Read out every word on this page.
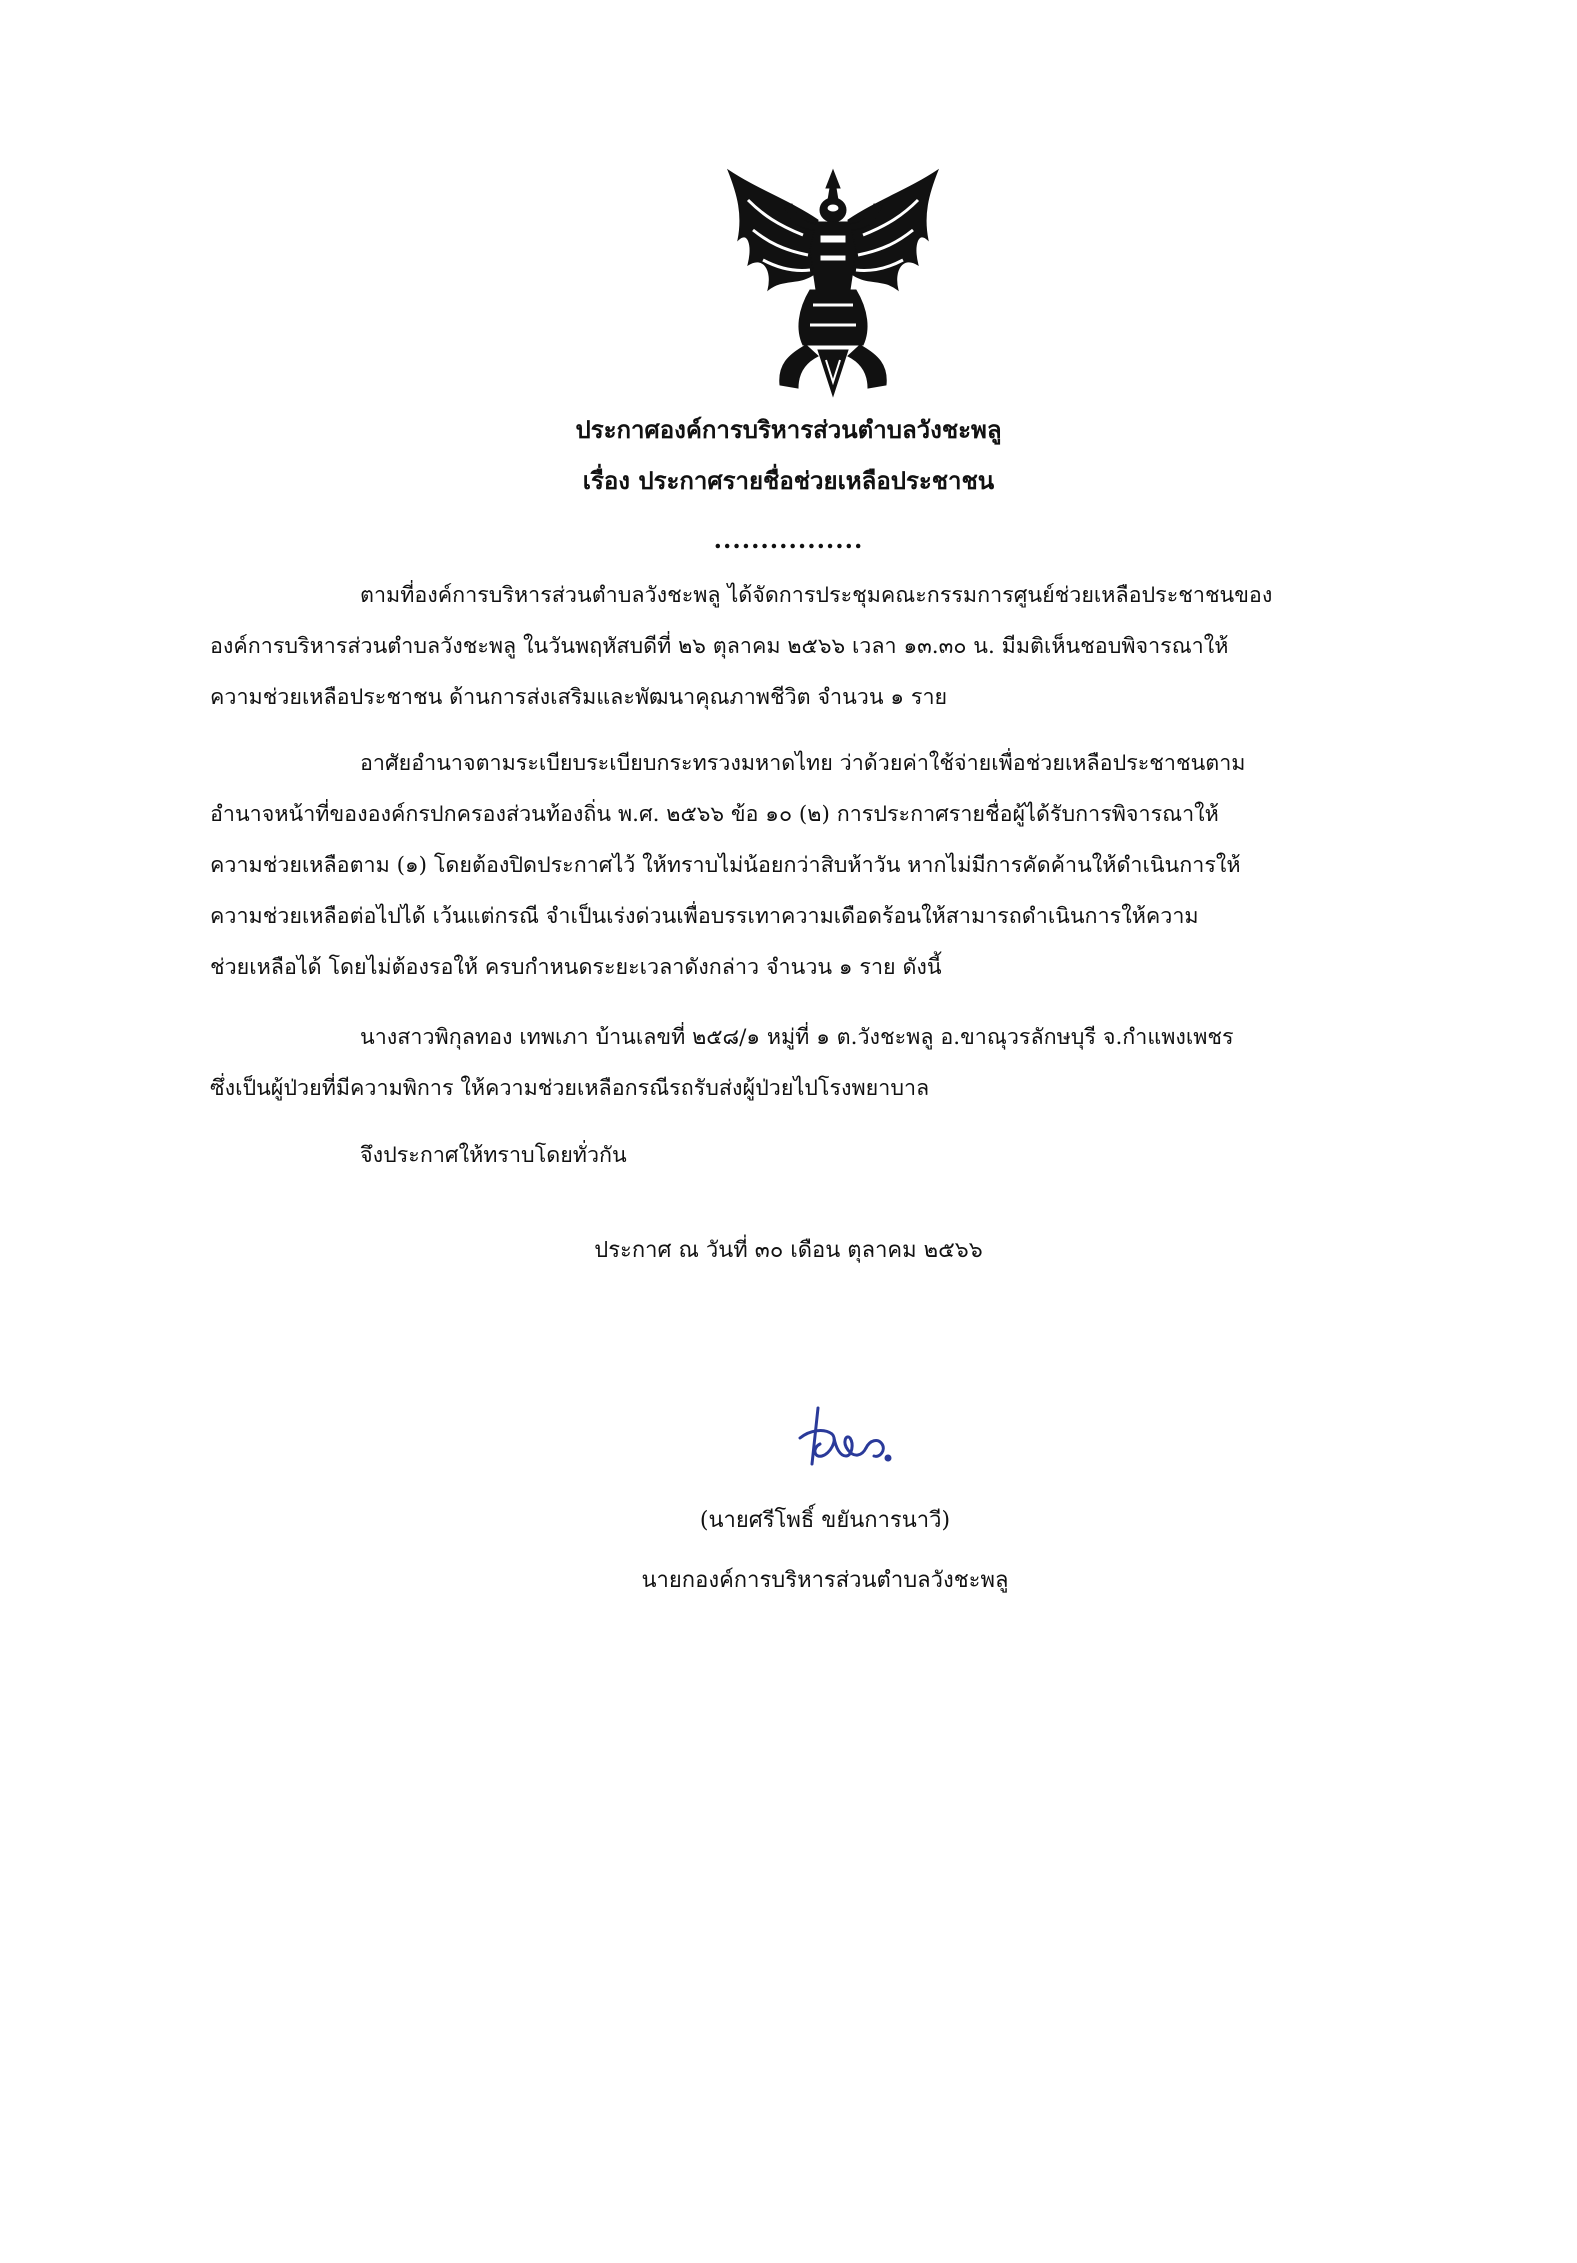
ประกาศองค์การบริหารส่วนตำบลวังชะพลู
เรื่อง ประกาศรายชื่อช่วยเหลือประชาชน
................
ตามที่องค์การบริหารส่วนตำบลวังชะพลู ได้จัดการประชุมคณะกรรมการศูนย์ช่วยเหลือประชาชนของ
องค์การบริหารส่วนตำบลวังชะพลู ในวันพฤหัสบดีที่ ๒๖ ตุลาคม ๒๕๖๖ เวลา ๑๓.๓๐ น. มีมติเห็นชอบพิจารณาให้
ความช่วยเหลือประชาชน ด้านการส่งเสริมและพัฒนาคุณภาพชีวิต จำนวน ๑ ราย
อาศัยอำนาจตามระเบียบระเบียบกระทรวงมหาดไทย ว่าด้วยค่าใช้จ่ายเพื่อช่วยเหลือประชาชนตาม
อำนาจหน้าที่ขององค์กรปกครองส่วนท้องถิ่น พ.ศ. ๒๕๖๖ ข้อ ๑๐ (๒) การประกาศรายชื่อผู้ได้รับการพิจารณาให้
ความช่วยเหลือตาม (๑) โดยต้องปิดประกาศไว้ ให้ทราบไม่น้อยกว่าสิบห้าวัน หากไม่มีการคัดค้านให้ดำเนินการให้
ความช่วยเหลือต่อไปได้ เว้นแต่กรณี จำเป็นเร่งด่วนเพื่อบรรเทาความเดือดร้อนให้สามารถดำเนินการให้ความ
ช่วยเหลือได้ โดยไม่ต้องรอให้ ครบกำหนดระยะเวลาดังกล่าว จำนวน ๑ ราย ดังนี้
นางสาวพิกุลทอง เทพเภา บ้านเลขที่ ๒๕๘/๑ หมู่ที่ ๑ ต.วังชะพลู อ.ขาณุวรลักษบุรี จ.กำแพงเพชร
ซึ่งเป็นผู้ป่วยที่มีความพิการ ให้ความช่วยเหลือกรณีรถรับส่งผู้ป่วยไปโรงพยาบาล
จึงประกาศให้ทราบโดยทั่วกัน
ประกาศ ณ วันที่ ๓๐ เดือน ตุลาคม ๒๕๖๖
(นายศรีโพธิ์ ขยันการนาวี)
นายกองค์การบริหารส่วนตำบลวังชะพลู
